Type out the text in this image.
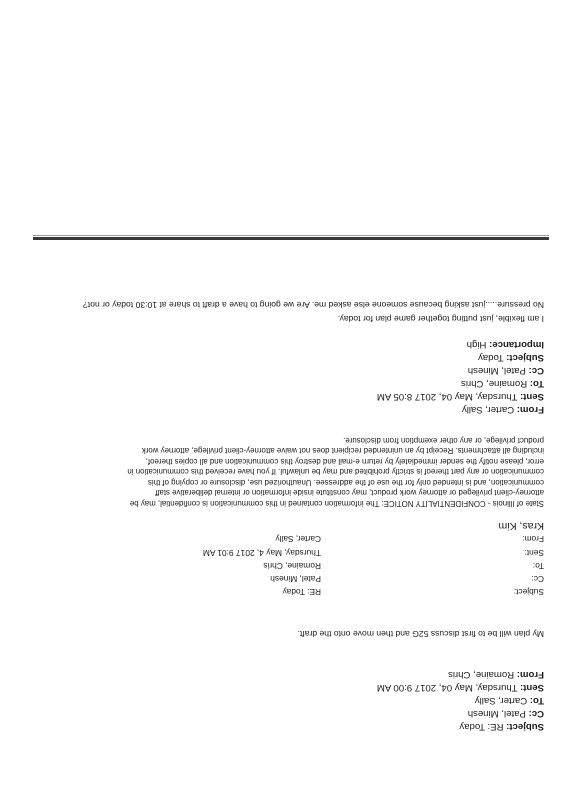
Subject: RE: Today
Cc: Patel, Minesh
To: Carter, Sally
Sent: Thursday, May 04, 2017 9:00 AM
From: Romaine, Chris
My plan will be to first discuss 52G and then move onto the draft.
Subject:
RE: Today
Cc:
Patel, Minesh
To:
Romaine, Chris
Sent:
Thursday, May 4, 2017 9:01 AM
From:
Carter, Sally
Kras, Kim
I am flexible, just putting together game plan for today.
No pressure.....just asking because someone else asked me. Are we going to have a draft to share at 10:30 today or not?
Importance: High
Subject: Today
Cc: Patel, Minesh
To: Romaine, Chris
Sent: Thursday, May 04, 2017 8:05 AM
From: Carter, Sally
State of Illinois - CONFIDENTIALITY NOTICE: The information contained in this communication is confidential, may be
attorney-client privileged or attorney work product, may constitute inside information or internal deliberative staff
communication, and is intended only for the use of the addressee. Unauthorized use, disclosure or copying of this
communication or any part thereof is strictly prohibited and may be unlawful. If you have received this communication in
error, please notify the sender immediately by return e-mail and destroy this communication and all copies thereof,
including all attachments. Receipt by an unintended recipient does not waive attorney-client privilege, attorney work
product privilege, or any other exemption from disclosure.
